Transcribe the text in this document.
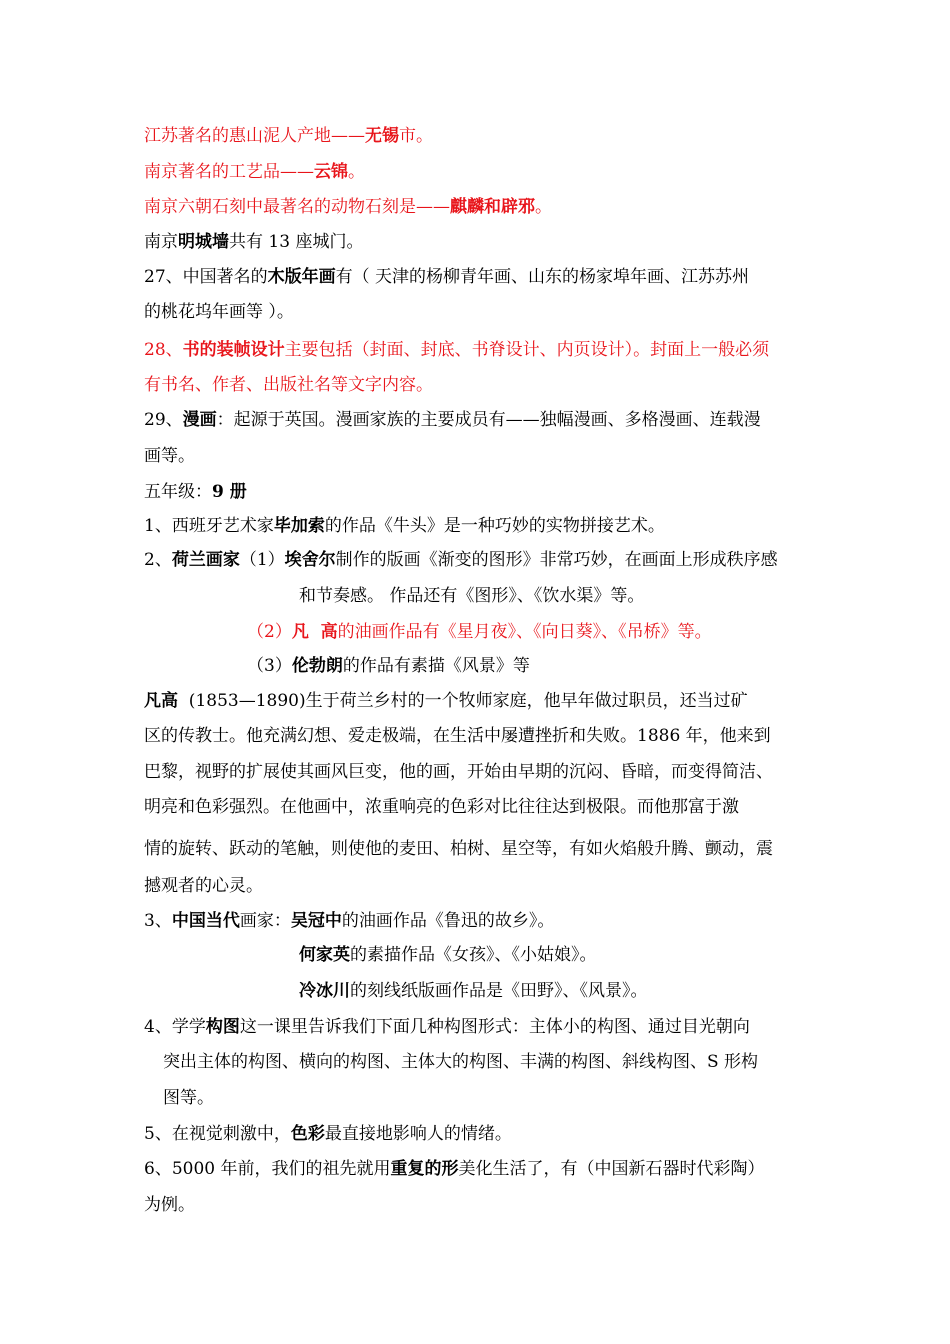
江苏著名的惠山泥人产地——无锡市。
南京著名的工艺品——云锦。
南京六朝石刻中最著名的动物石刻是——麒麟和辟邪。
南京明城墙共有 13 座城门。
27、中国著名的木版年画有（ 天津的杨柳青年画、山东的杨家埠年画、江苏苏州
的桃花坞年画等 ）。
28、书的装帧设计主要包括（封面、封底、书脊设计、内页设计）。封面上一般必须
有书名、作者、出版社名等文字内容。
29、漫画：起源于英国。漫画家族的主要成员有——独幅漫画、多格漫画、连载漫
画等。
五年级：9 册
1、西班牙艺术家毕加索的作品《牛头》是一种巧妙的实物拼接艺术。
2、荷兰画家（1）埃舍尔制作的版画《渐变的图形》非常巧妙，在画面上形成秩序感
和节奏感。 作品还有《图形》、《饮水渠》等。
（2）凡  高的油画作品有《星月夜》、《向日葵》、《吊桥》等。
（3）伦勃朗的作品有素描《风景》等
凡高  (1853—1890)生于荷兰乡村的一个牧师家庭，他早年做过职员，还当过矿
区的传教士。他充满幻想、爱走极端，在生活中屡遭挫折和失败。1886 年，他来到
巴黎，视野的扩展使其画风巨变，他的画，开始由早期的沉闷、昏暗，而变得简洁、
明亮和色彩强烈。在他画中，浓重响亮的色彩对比往往达到极限。而他那富于激
情的旋转、跃动的笔触，则使他的麦田、柏树、星空等，有如火焰般升腾、颤动，震
撼观者的心灵。
3、中国当代画家：吴冠中的油画作品《鲁迅的故乡》。
何家英的素描作品《女孩》、《小姑娘》。
冷冰川的刻线纸版画作品是《田野》、《风景》。
4、学学构图这一课里告诉我们下面几种构图形式：主体小的构图、通过目光朝向
突出主体的构图、横向的构图、主体大的构图、丰满的构图、斜线构图、S 形构
图等。
5、在视觉刺激中，色彩最直接地影响人的情绪。
6、5000 年前，我们的祖先就用重复的形美化生活了，有（中国新石器时代彩陶）
为例。
